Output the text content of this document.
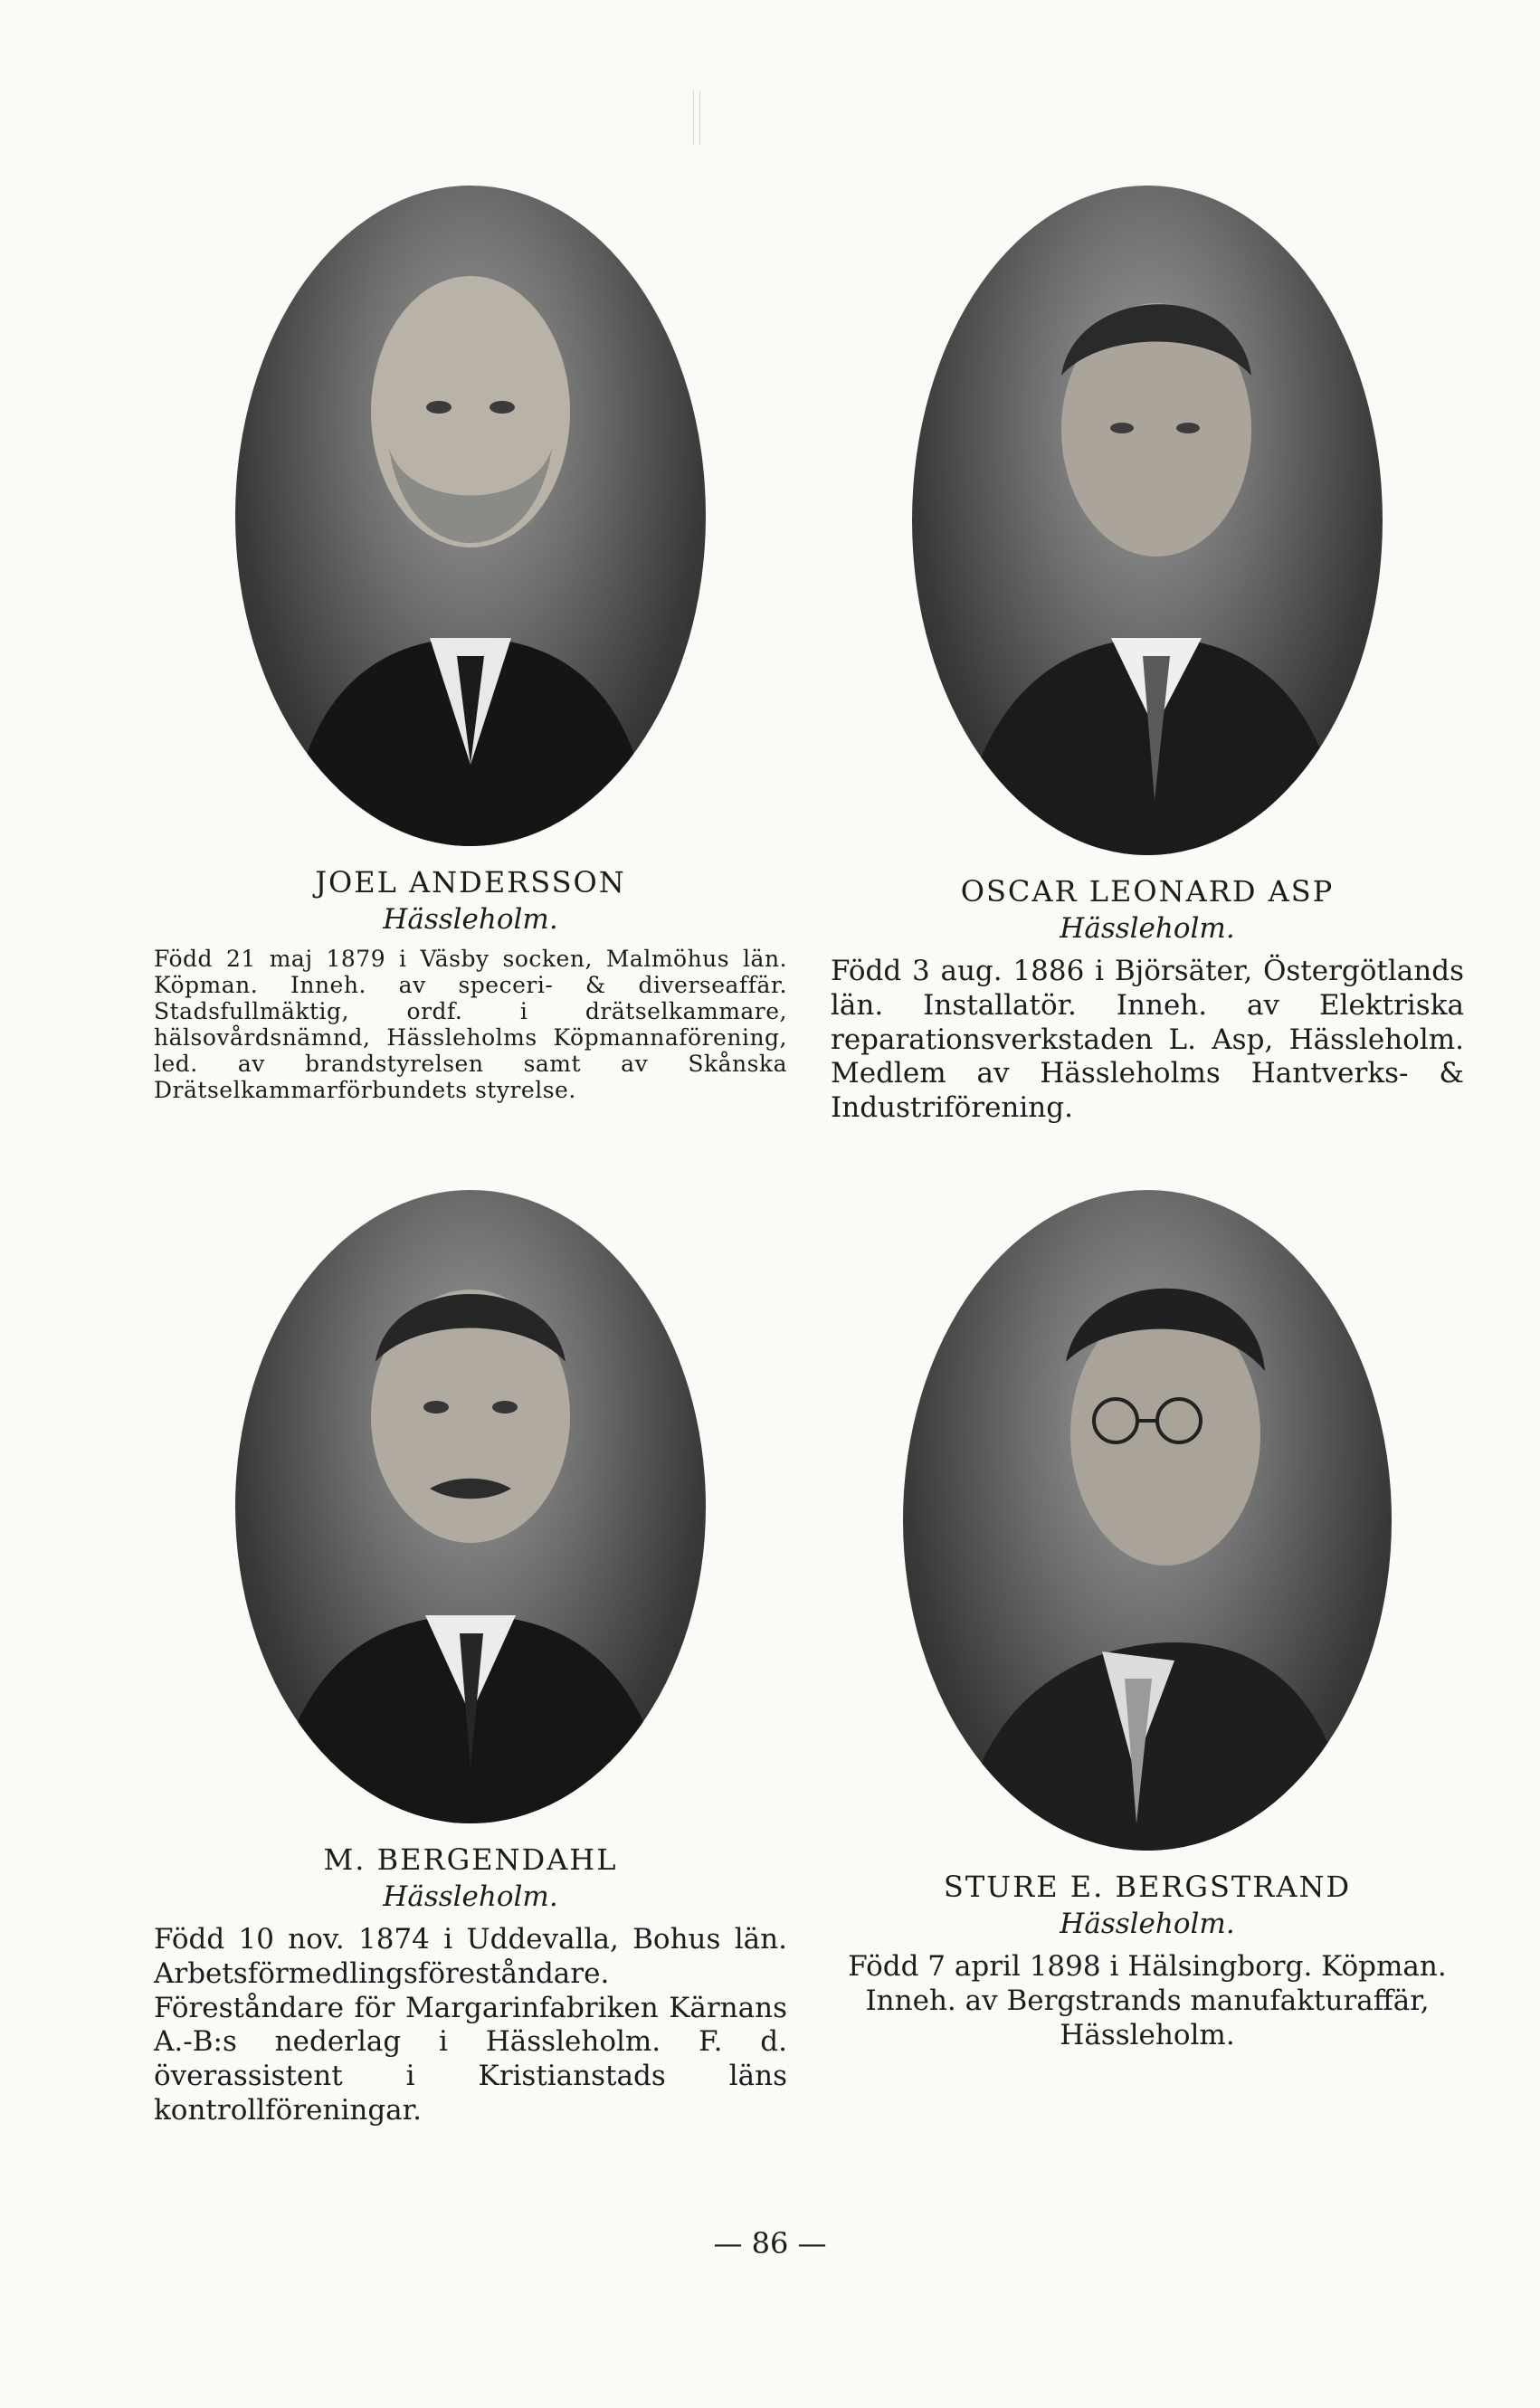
JOEL ANDERSSON
Hässleholm.
Född 21 maj 1879 i Väsby socken, Malmöhus län. Köpman. Inneh. av speceri- & diverseaffär. Stadsfullmäktig, ordf. i drätselkammare, hälsovårdsnämnd, Hässleholms Köpmannaförening, led. av brandstyrelsen samt av Skånska Drätselkammarförbundets styrelse.
OSCAR LEONARD ASP
Hässleholm.
Född 3 aug. 1886 i Björsäter, Östergötlands län. Installatör. Inneh. av Elektriska reparationsverkstaden L. Asp, Hässleholm. Medlem av Hässleholms Hantverks- & Industriförening.
M. BERGENDAHL
Hässleholm.
Född 10 nov. 1874 i Uddevalla, Bohus län. Arbetsförmedlingsföreståndare. Föreståndare för Margarinfabriken Kärnans A.-B:s nederlag i Hässleholm. F. d. överassistent i Kristianstads läns kontrollföreningar.
STURE E. BERGSTRAND
Hässleholm.
Född 7 april 1898 i Hälsingborg. Köpman. Inneh. av Bergstrands manufakturaffär, Hässleholm.
— 86 —
